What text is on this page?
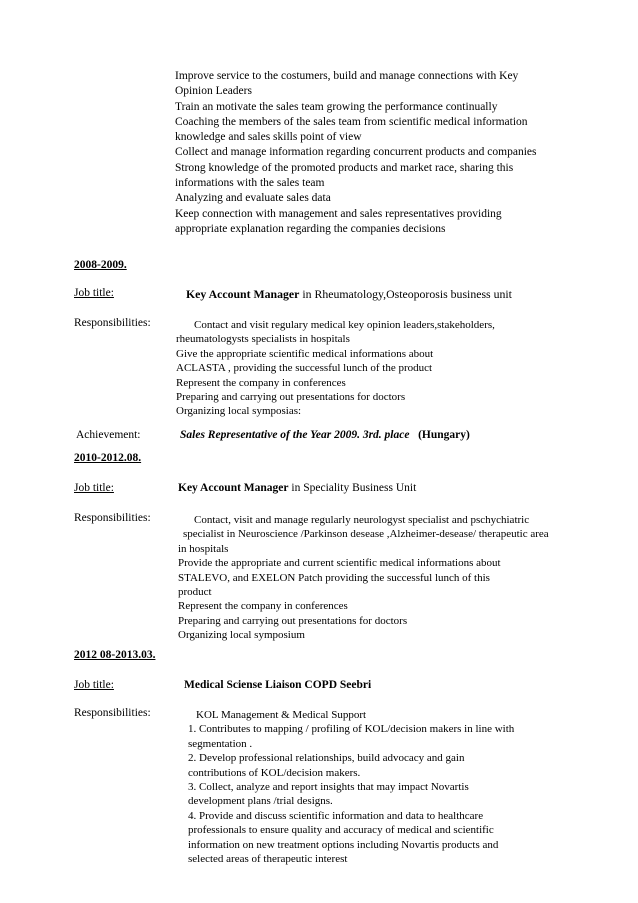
Improve service to the costumers, build and manage connections with Key
Opinion Leaders
Train an motivate the sales team growing the performance continually
Coaching the members of the sales team from scientific medical information
knowledge and sales skills point of view
Collect and manage information regarding concurrent products and companies
Strong knowledge of the promoted products and market race, sharing this
informations with the sales team
Analyzing and evaluate sales data
Keep connection with management and sales representatives providing
appropriate explanation regarding the companies decisions
2008-2009.
Job title:	Key Account Manager in Rheumatology,Osteoporosis business unit
Responsibilities:	Contact and visit regulary medical key opinion leaders,stakeholders,
rheumatologysts specialists in hospitals
Give the appropriate scientific medical informations about
ACLASTA , providing the successful lunch of the product
Represent the company in conferences
Preparing and carrying out presentations for doctors
Organizing local symposias:
Achievement:	Sales Representative of the Year 2009. 3rd. place (Hungary)
2010-2012.08.
Job title:	Key Account Manager in Speciality Business Unit
Responsibilities:	Contact, visit and manage regularly neurologyst specialist and pschychiatric
specialist in Neuroscience /Parkinson desease ,Alzheimer-desease/ therapeutic area
in hospitals
Provide the appropriate and current scientific medical informations about
STALEVO, and EXELON Patch providing the successful lunch of this
product
Represent the company in conferences
Preparing and carrying out presentations for doctors
Organizing local symposium
2012 08-2013.03.
Job title:	Medical Sciense Liaison COPD Seebri
Responsibilities:	KOL Management & Medical Support
1. Contributes to mapping / profiling of KOL/decision makers in line with
segmentation .
2. Develop professional relationships, build advocacy and gain
contributions of KOL/decision makers.
3. Collect, analyze and report insights that may impact Novartis
development plans /trial designs.
4. Provide and discuss scientific information and data to healthcare
professionals to ensure quality and accuracy of medical and scientific
information on new treatment options including Novartis products and
selected areas of therapeutic interest
